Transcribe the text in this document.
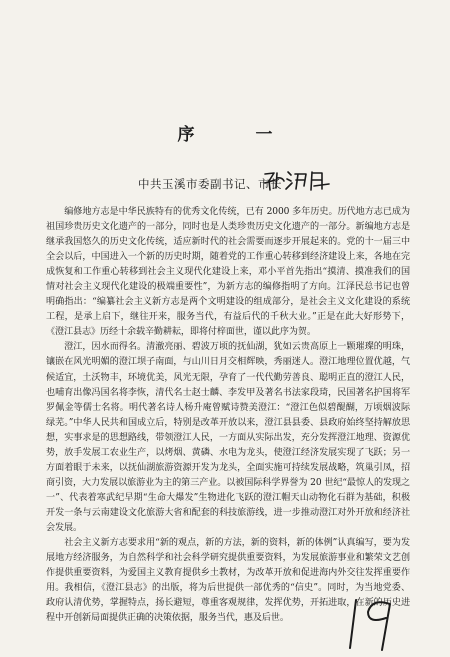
序　一
中共玉溪市委副书记、市长

编修地方志是中华民族特有的优秀文化传统，已有 2000 多年历史。历代地方志已成为祖国珍贵历史文化遗产的一部分，同时也是人类珍贵历史文化遗产的一部分。新编地方志是继承我国悠久的历史文化传统，适应新时代的社会需要而逐步开展起来的。党的十一届三中全会以后，中国进入一个新的历史时期，随着党的工作重心转移到经济建设上来，各地在完成恢复和工作重心转移到社会主义现代化建设上来，邓小平首先指出“摸清、摸准我们的国情对社会主义现代化建设的极端重要性”，为新方志的编修指明了方向。江泽民总书记也曾明确指出：“编纂社会主义新方志是两个文明建设的组成部分，是社会主义文化建设的系统工程，是承上启下，继往开来，服务当代，有益后代的千秋大业。”正是在此大好形势下，《澄江县志》历经十余载辛勤耕耘，即将付梓面世，谨以此序为贺。

澄江，因水而得名。清澈亮丽、碧波万顷的抚仙湖，犹如云贵高原上一颗璀璨的明珠，镶嵌在风光明媚的澄江坝子南面，与山川日月交相辉映，秀丽迷人。澄江地理位置优越，气候适宜，土沃物丰，环境优美，风光无限，孕育了一代代勤劳善良、聪明正直的澄江人民，也哺育出像冯国名将李恢，清代名士赵士麟、李发甲及著名书法家段琦，民国著名护国将军罗佩金等儒士名将。明代著名诗人杨升庵曾赋诗赞美澄江：“澄江色似碧醍醐，万顷烟波际绿芜。”中华人民共和国成立后，特别是改革开放以来，澄江县县委、县政府始终坚持解放思想，实事求是的思想路线，带领澄江人民，一方面从实际出发，充分发挥澄江地理、资源优势，放手发展工农业生产，以烤烟、黄磷、水电为龙头，使澄江经济发展实现了飞跃；另一方面着眼于未来，以抚仙湖旅游资源开发为龙头，全面实施可持续发展战略，筑巢引凤，招商引资，大力发展以旅游业为主的第三产业。以被国际科学界誉为 20 世纪“最惊人的发现之一”、代表着寒武纪早期“生命大爆发”生物进化飞跃的澄江帽天山动物化石群为基础，积极开发一条与云南建设文化旅游大省和配套的科技旅游线，进一步推动澄江对外开放和经济社会发展。

社会主义新方志要求用“新的观点，新的方法，新的资料，新的体例”认真编写，要为发展地方经济服务，为自然科学和社会科学研究提供重要资料，为发展旅游事业和繁荣文艺创作提供重要资料，为爱国主义教育提供乡土教材，为改革开放和促进海内外交往发挥重要作用。我相信，《澄江县志》的出版，将为后世提供一部优秀的“信史”。同时，为当地党委、政府认清优势，掌握特点，扬长避短，尊重客观规律，发挥优势，开拓进取，在新的历史进程中开创新局面提供正确的决策依据，服务当代，惠及后世。
